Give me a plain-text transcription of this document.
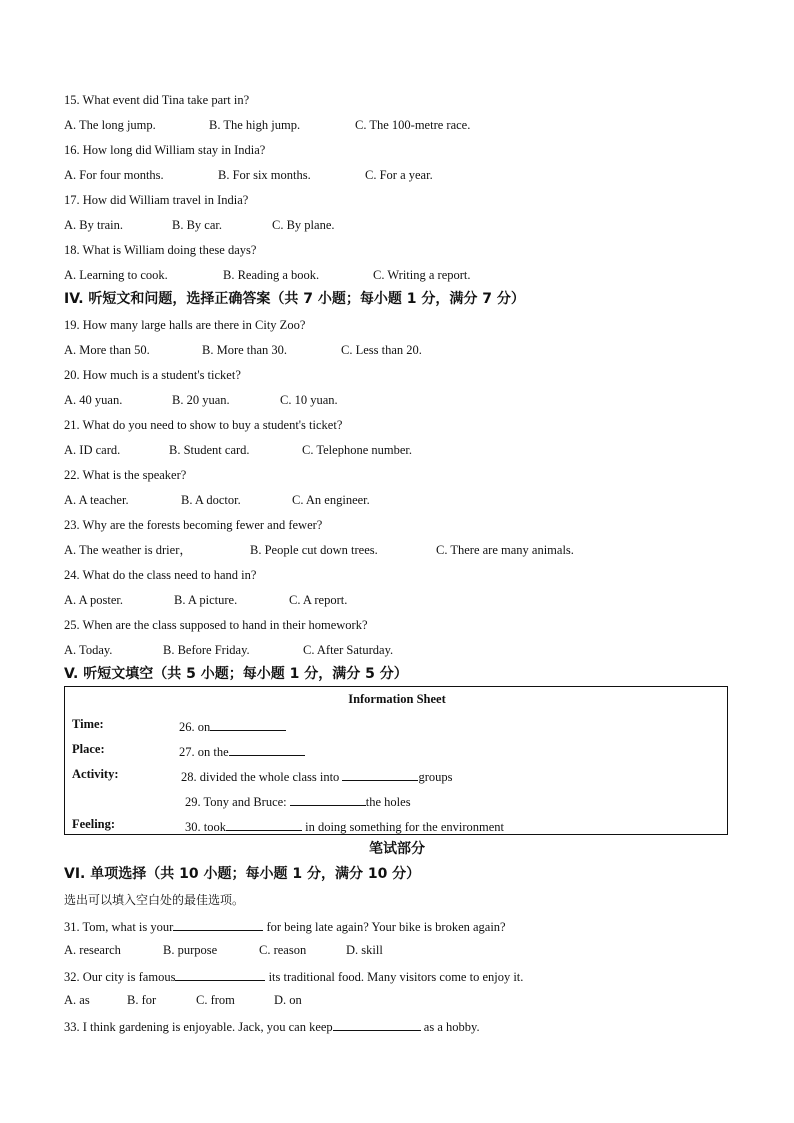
15. What event did Tina take part in?
A. The long jump.	B. The high jump.	C. The 100-metre race.
16. How long did William stay in India?
A. For four months.	B. For six months.	C. For a year.
17. How did William travel in India?
A. By train.	B. By car.	C. By plane.
18. What is William doing these days?
A. Learning to cook.	B. Reading a book.	C. Writing a report.
IV. 听短文和问题，选择正确答案（共 7 小题；每小题 1 分，满分 7 分）
19. How many large halls are there in City Zoo?
A. More than 50.	B. More than 30.	C. Less than 20.
20. How much is a student's ticket?
A. 40 yuan.	B. 20 yuan.	C. 10 yuan.
21. What do you need to show to buy a student's ticket?
A. ID card.	B. Student card.	C. Telephone number.
22. What is the speaker?
A. A teacher.	B. A doctor.	C. An engineer.
23. Why are the forests becoming fewer and fewer?
A. The weather is drier，	B. People cut down trees.	C. There are many animals.
24. What do the class need to hand in?
A. A poster.	B. A picture.	C. A report.
25. When are the class supposed to hand in their homework?
A. Today.	B. Before Friday.	C. After Saturday.
V. 听短文填空（共 5 小题；每小题 1 分，满分 5 分）
Information Sheet
Time:	26. on
Place:	27. on the
Activity:	28. divided the whole class into	groups
29. Tony and Bruce:	the holes
Feeling:	30. took	in doing something for the environment
笔试部分
VI. 单项选择（共 10 小题；每小题 1 分，满分 10 分）
选出可以填入空白处的最佳选项。
31. Tom, what is your	for being late again? Your bike is broken again?
A. research	B. purpose	C. reason	D. skill
32. Our city is famous	its traditional food. Many visitors come to enjoy it.
A. as	B. for	C. from	D. on
33. I think gardening is enjoyable. Jack, you can keep	as a hobby.
